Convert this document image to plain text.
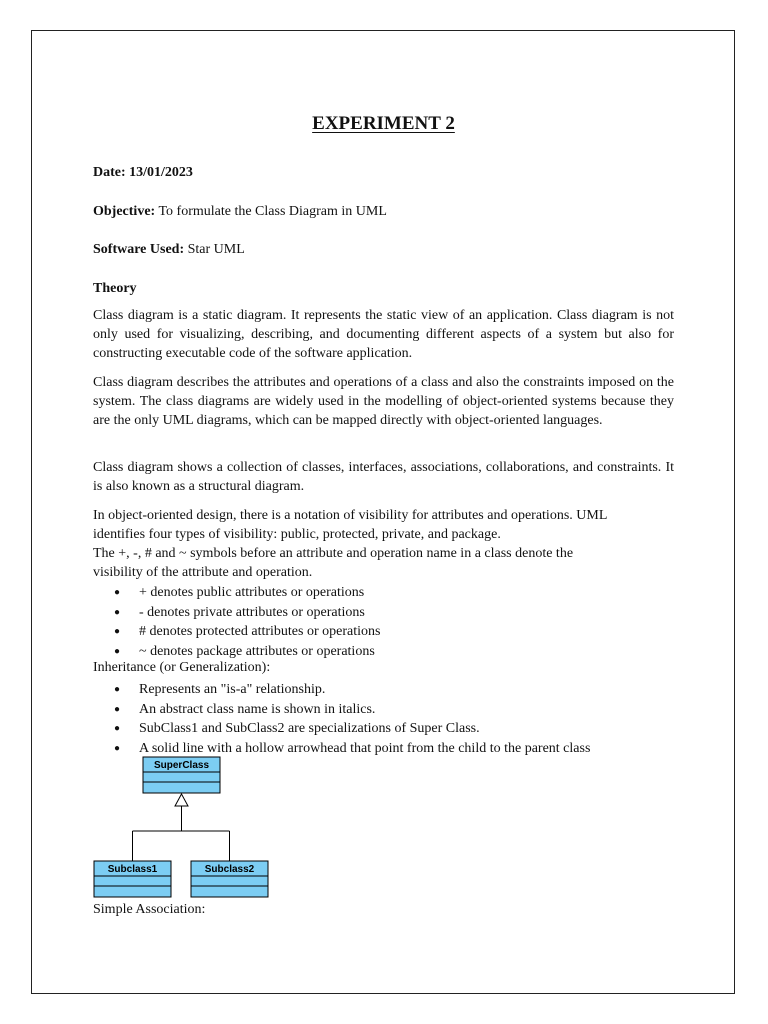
EXPERIMENT 2
Date: 13/01/2023
Objective: To formulate the Class Diagram in UML
Software Used: Star UML
Theory
Class diagram is a static diagram. It represents the static view of an application. Class diagram is not only used for visualizing, describing, and documenting different aspects of a system but also for constructing executable code of the software application.
Class diagram describes the attributes and operations of a class and also the constraints imposed on the system. The class diagrams are widely used in the modelling of object-oriented systems because they are the only UML diagrams, which can be mapped directly with object-oriented languages.
Class diagram shows a collection of classes, interfaces, associations, collaborations, and constraints. It is also known as a structural diagram.
In object-oriented design, there is a notation of visibility for attributes and operations. UML
identifies four types of visibility: public, protected, private, and package.
The +, -, # and ~ symbols before an attribute and operation name in a class denote the
visibility of the attribute and operation.
● + denotes public attributes or operations
● - denotes private attributes or operations
● # denotes protected attributes or operations
● ~ denotes package attributes or operations
Inheritance (or Generalization):
● Represents an "is-a" relationship.
● An abstract class name is shown in italics.
● SubClass1 and SubClass2 are specializations of Super Class.
● A solid line with a hollow arrowhead that point from the child to the parent class
Simple Association:
SuperClass
Subclass1	Subclass2
